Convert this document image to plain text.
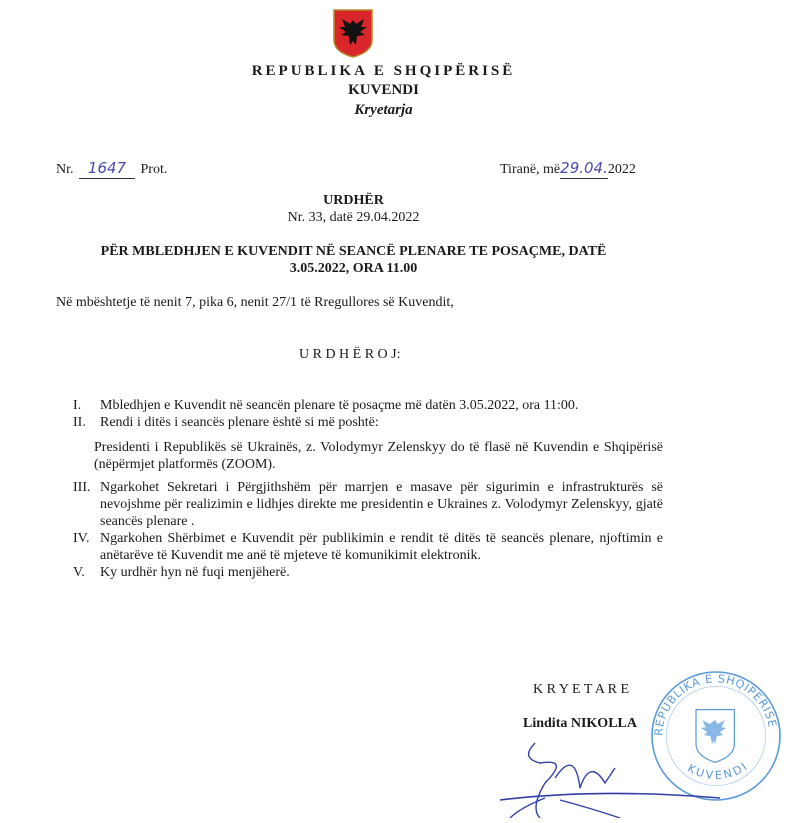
REPUBLIKA E SHQIPËRISË
KUVENDI
Kryetarja
Nr. 1647 Prot.	Tiranë, më29.04.2022
URDHËR
Nr. 33, datë 29.04.2022
PËR MBLEDHJEN E KUVENDIT NË SEANCË PLENARE TE POSAÇME, DATË
3.05.2022, ORA 11.00
Në mbështetje të nenit 7, pika 6, nenit 27/1 të Rregullores së Kuvendit,
U R D H Ë R O J:
I. Mbledhjen e Kuvendit në seancën plenare të posaçme më datën 3.05.2022, ora 11:00.
II. Rendi i ditës i seancës plenare është si më poshtë:
Presidenti i Republikës së Ukrainës, z. Volodymyr Zelenskyy do të flasë në Kuvendin e Shqipërisë (nëpërmjet platformës (ZOOM).
III. Ngarkohet Sekretari i Përgjithshëm për marrjen e masave për sigurimin e infrastrukturës së nevojshme për realizimin e lidhjes direkte me presidentin e Ukraines z. Volodymyr Zelenskyy, gjatë seancës plenare .
IV. Ngarkohen Shërbimet e Kuvendit për publikimin e rendit të ditës të seancës plenare, njoftimin e anëtarëve të Kuvendit me anë të mjeteve të komunikimit elektronik.
V. Ky urdhër hyn në fuqi menjëherë.
REPUBLIKA E SHQIPERISE
KUVENDI
K R Y E T A R E
Lindita NIKOLLA
